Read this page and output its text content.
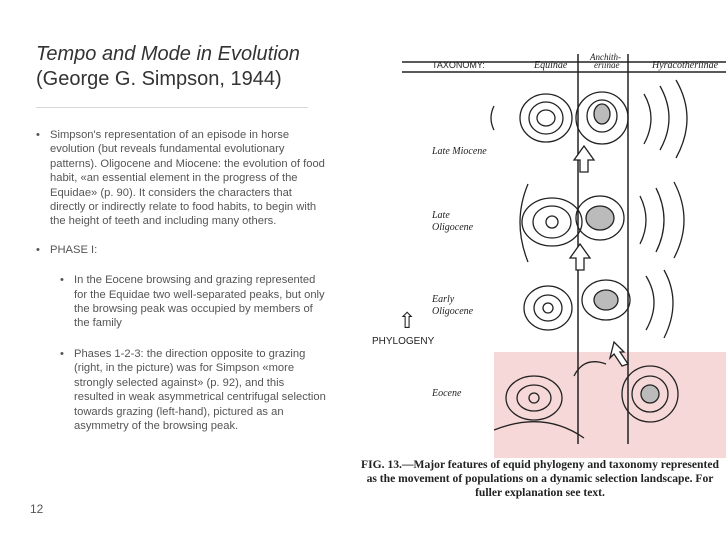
Tempo and Mode in Evolution
(George G. Simpson, 1944)
• Simpson's representation of an episode in horse evolution (but reveals fundamental evolutionary patterns). Oligocene and Miocene: the evolution of food habit, «an essential element in the progress of the Equidae» (p. 90). It considers the characters that directly or indirectly relate to food habits, to begin with the height of teeth and including many others.
• PHASE I:
• In the Eocene browsing and grazing represented for the Equidae two well-separated peaks, but only the browsing peak was occupied by members of the family
• Phases 1-2-3: the direction opposite to grazing (right, in the picture) was for Simpson «more strongly selected against» (p. 92), and this resulted in weak asymmetrical centrifugal selection towards grazing (left-hand), pictured as an asymmetry of the browsing peak.
12
TAXONOMY:	Equinae
Anchith-
eriinae	Hyracotheriinae
Late Miocene
Late
Oligocene
Early
Oligocene
Eocene
⇧
PHYLOGENY
FIG. 13.—Major features of equid phylogeny and taxonomy represented as the movement of populations on a dynamic selection landscape. For fuller explanation see text.
